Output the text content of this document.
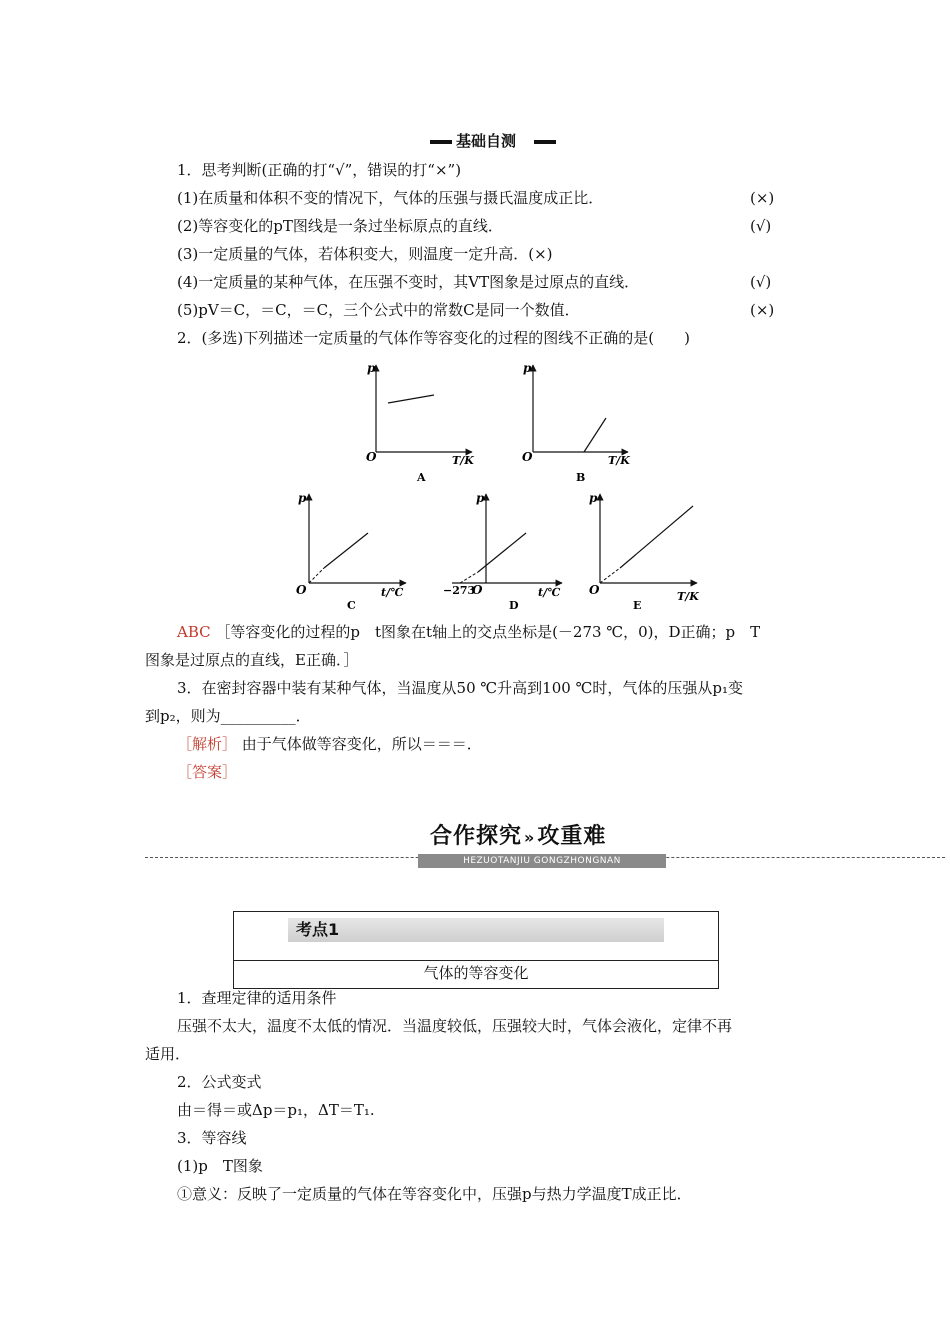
基础自测
1．思考判断(正确的打“√”，错误的打“×”)
(1)在质量和体积不变的情况下，气体的压强与摄氏温度成正比．	(×)
(2)等容变化的pT图线是一条过坐标原点的直线．	(√)
(3)一定质量的气体，若体积变大，则温度一定升高．(×)
(4)一定质量的某种气体，在压强不变时，其VT图象是过原点的直线．	(√)
(5)pV＝C，＝C，＝C，三个公式中的常数C是同一个数值．	(×)
2．(多选)下列描述一定质量的气体作等容变化的过程的图线不正确的是(　　)
p
O	T/K
A
p
O	T/K
B
p
O	t/℃
C
p
−273
O	t/℃
D
p
O	T/K
E
ABC ［等容变化的过程的p　t图象在t轴上的交点坐标是(－273 ℃，0)，D正确；p　T
图象是过原点的直线，E正确．］
3．在密封容器中装有某种气体，当温度从50 ℃升高到100 ℃时，气体的压强从p₁变
到p₂，则为__________．
［解析］ 由于气体做等容变化，所以＝＝＝．
［答案］
合作探究 »攻重难
HEZUOTANJIU GONGZHONGNAN
考点1
气体的等容变化
1．查理定律的适用条件
压强不太大，温度不太低的情况．当温度较低，压强较大时，气体会液化，定律不再
适用．
2．公式变式
由＝得＝或Δp＝p₁，ΔT＝T₁.
3．等容线
(1)p　T图象
①意义：反映了一定质量的气体在等容变化中，压强p与热力学温度T成正比．
